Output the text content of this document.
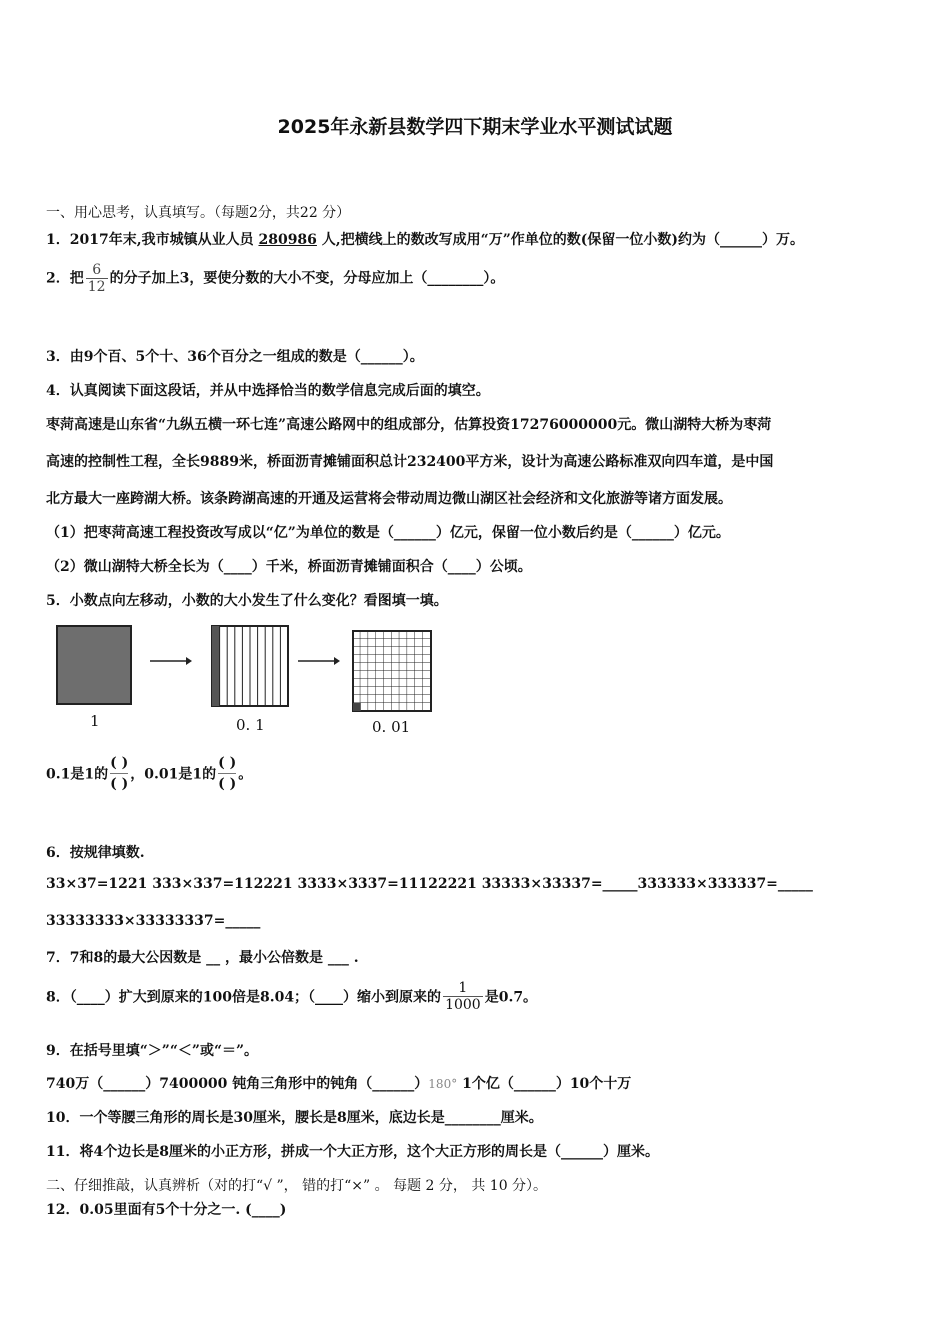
2025年永新县数学四下期末学业水平测试试题
一、用心思考，认真填写。（每题2分，共22 分）
1．2017年末,我市城镇从业人员 280986 人,把横线上的数改写成用“万”作单位的数(保留一位小数)约为（______）万。
2．把 $\frac{6}{12}$ 的分子加上3，要使分数的大小不变，分母应加上（________）。
3．由9个百、5个十、36个百分之一组成的数是（______）。
4．认真阅读下面这段话，并从中选择恰当的数学信息完成后面的填空。
枣菏高速是山东省“九纵五横一环七连”高速公路网中的组成部分，估算投资17276000000元。微山湖特大桥为枣菏
高速的控制性工程，全长9889米，桥面沥青摊铺面积总计232400平方米，设计为高速公路标准双向四车道，是中国
北方最大一座跨湖大桥。该条跨湖高速的开通及运营将会带动周边微山湖区社会经济和文化旅游等诸方面发展。
（1）把枣菏高速工程投资改写成以“亿”为单位的数是（______）亿元，保留一位小数后约是（______）亿元。
（2）微山湖特大桥全长为（____）千米，桥面沥青摊铺面积合（____）公顷。
5．小数点向左移动，小数的大小发生了什么变化？看图填一填。
1	0. 1	0. 01
0.1是1的
( )
( )
，0.01是1的
( )
( )
。
6．按规律填数.
33×37=1221 333×337=112221 3333×3337=11122221 33333×33337=_____333333×333337=_____
33333333×33333337=_____
7．7和8的最大公因数是 __ ，最小公倍数是 ___ .
8．（____）扩大到原来的100倍是8.04；（____）缩小到原来的 $\frac{1}{1000}$ 是0.7。
9．在括号里填“＞”“＜”或“＝”。
740万（______）7400000 钝角三角形中的钝角（______）180° 1个亿（______）10个十万
10．一个等腰三角形的周长是30厘米，腰长是8厘米，底边长是________厘米。
11．将4个边长是8厘米的小正方形，拼成一个大正方形，这个大正方形的周长是（______）厘米。
二、仔细推敲，认真辨析（对的打“√ ”， 错的打“×” 。 每题 2 分， 共 10 分）。
12．0.05里面有5个十分之一. (____)
